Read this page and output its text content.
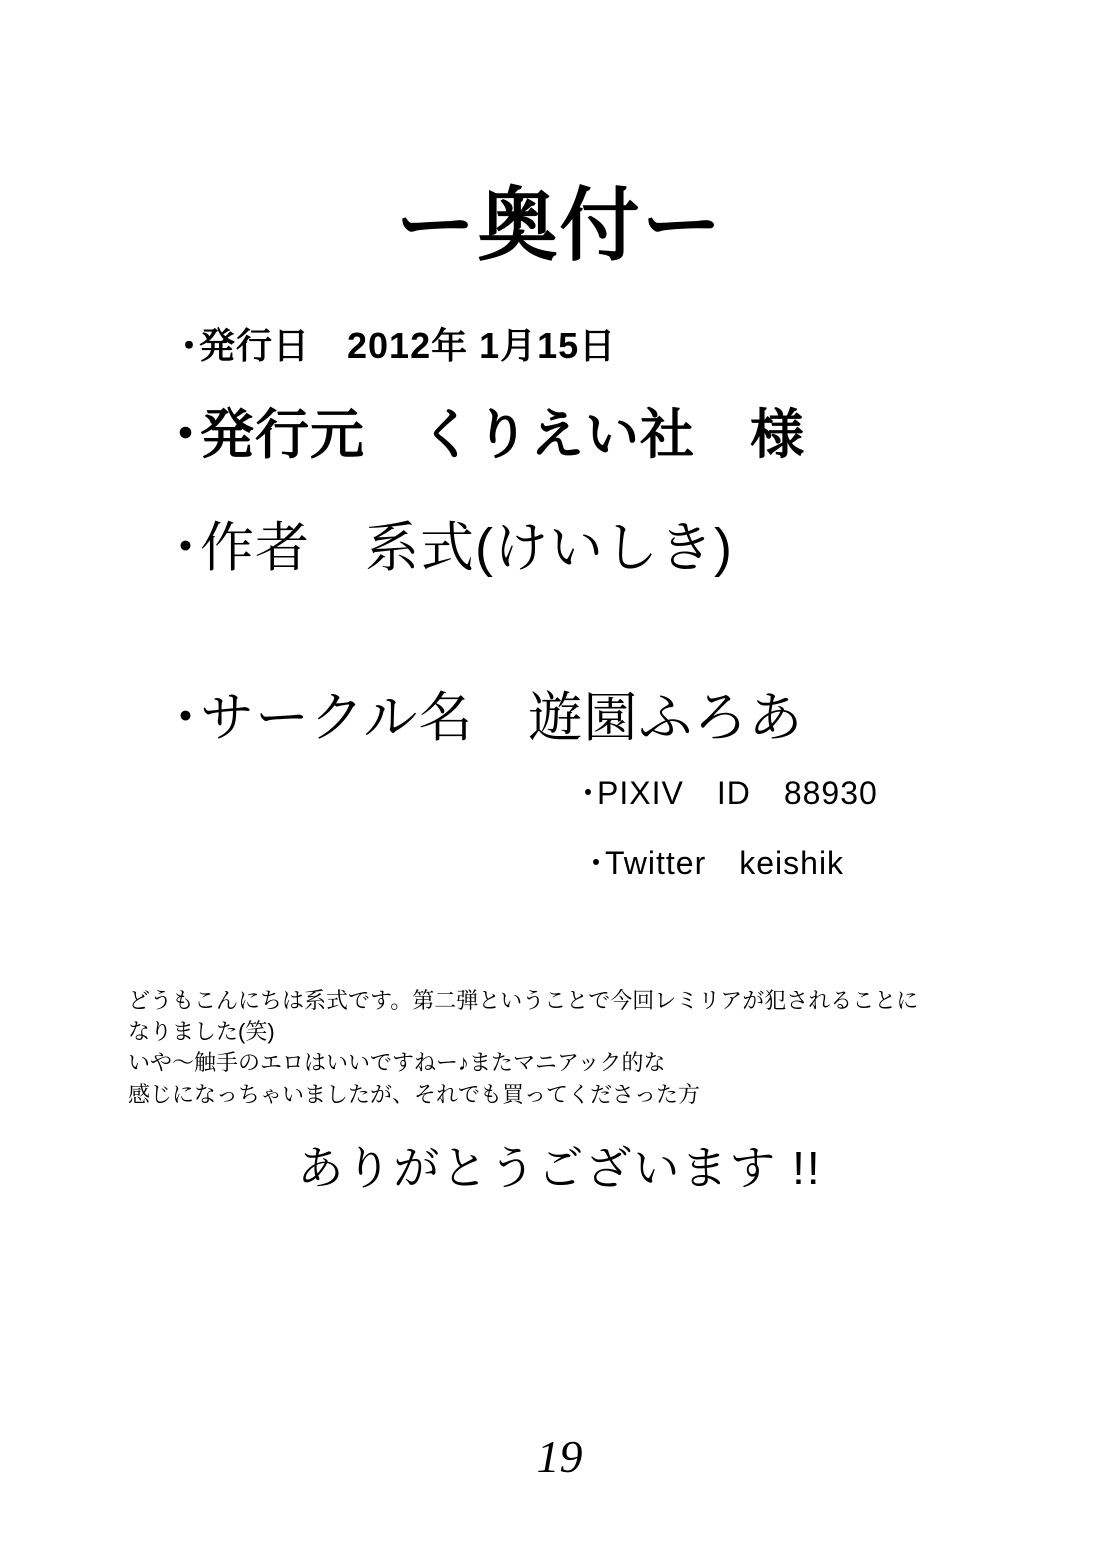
ー奥付ー
･発行日　2012年 1月15日
･発行元　くりえい社　様
･作者　系式(けいしき)
･サークル名　遊園ふろあ
･PIXIV　ID　88930
･Twitter　keishik

どうもこんにちは系式です。第二弾ということで今回レミリアが犯されることに

なりました(笑)

いや〜触手のエロはいいですねー♪またマニアック的な

感じになっちゃいましたが、それでも買ってくださった方

ありがとうございます !!
19
